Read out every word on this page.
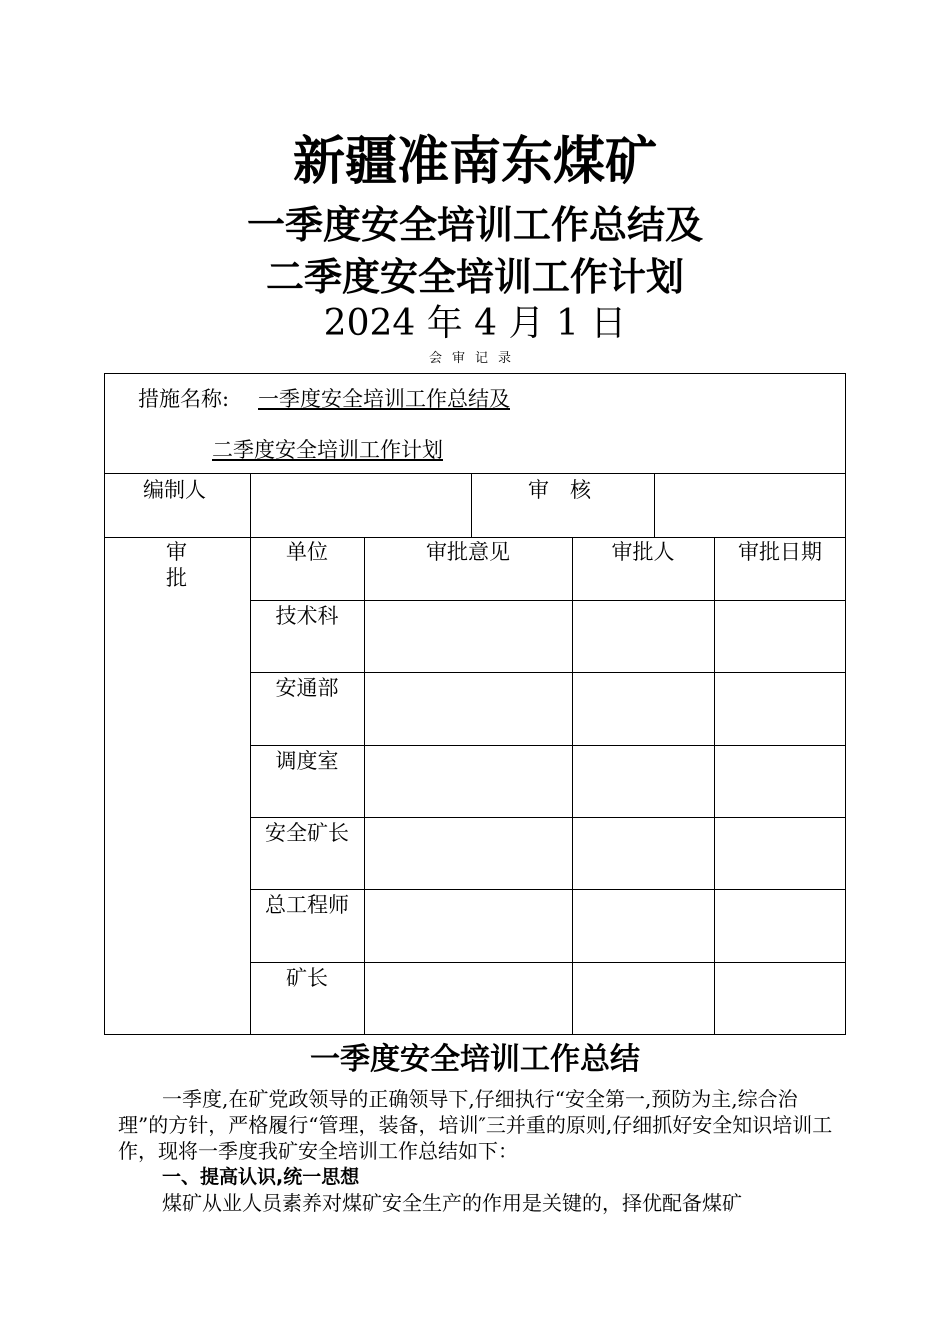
新疆准南东煤矿
一季度安全培训工作总结及
二季度安全培训工作计划
2024 年 4 月 1 日
会审记录
措施名称: 一季度安全培训工作总结及
二季度安全培训工作计划
编制人	审　核
审
批
单位	审批意见	审批人	审批日期
技术科
安通部
调度室
安全矿长
总工程师
矿长
一季度安全培训工作总结
一季度,在矿党政领导的正确领导下,仔细执行“安全第一,预防为主,综合治理”的方针，严格履行“管理，装备，培训″三并重的原则,仔细抓好安全知识培训工作，现将一季度我矿安全培训工作总结如下：
一、提高认识,统一思想
煤矿从业人员素养对煤矿安全生产的作用是关键的，择优配备煤矿
